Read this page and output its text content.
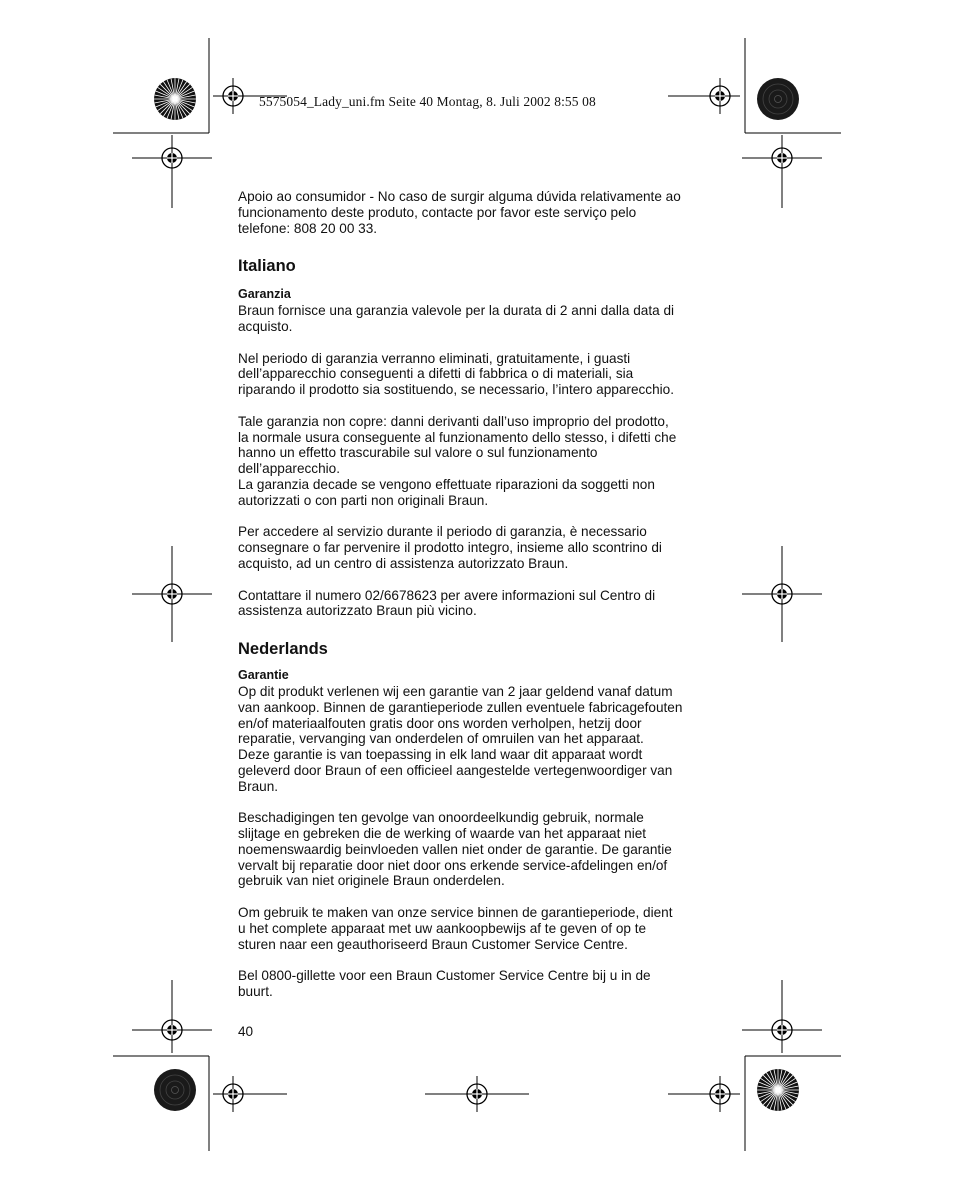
5575054_Lady_uni.fm Seite 40 Montag, 8. Juli 2002 8:55 08

Apoio ao consumidor - No caso de surgir alguma dúvida relativamente ao
funcionamento deste produto, contacte por favor este serviço pelo
telefone: 808 20 00 33.

Italiano
Garanzia

Braun fornisce una garanzia valevole per la durata di 2 anni dalla data di
acquisto.

Nel periodo di garanzia verranno eliminati, gratuitamente, i guasti
dell’apparecchio conseguenti a difetti di fabbrica o di materiali, sia
riparando il prodotto sia sostituendo, se necessario, l’intero apparecchio.

Tale garanzia non copre: danni derivanti dall’uso improprio del prodotto,
la normale usura conseguente al funzionamento dello stesso, i difetti che
hanno un effetto trascurabile sul valore o sul funzionamento
dell’apparecchio.
La garanzia decade se vengono effettuate riparazioni da soggetti non
autorizzati o con parti non originali Braun.

Per accedere al servizio durante il periodo di garanzia, è necessario
consegnare o far pervenire il prodotto integro, insieme allo scontrino di
acquisto, ad un centro di assistenza autorizzato Braun.

Contattare il numero 02/6678623 per avere informazioni sul Centro di
assistenza autorizzato Braun più vicino.

Nederlands
Garantie

Op dit produkt verlenen wij een garantie van 2 jaar geldend vanaf datum
van aankoop. Binnen de garantieperiode zullen eventuele fabricagefouten
en/of materiaalfouten gratis door ons worden verholpen, hetzij door
reparatie, vervanging van onderdelen of omruilen van het apparaat.
Deze garantie is van toepassing in elk land waar dit apparaat wordt
geleverd door Braun of een officieel aangestelde vertegenwoordiger van
Braun.

Beschadigingen ten gevolge van onoordeelkundig gebruik, normale
slijtage en gebreken die de werking of waarde van het apparaat niet
noemenswaardig beinvloeden vallen niet onder de garantie. De garantie
vervalt bij reparatie door niet door ons erkende service-afdelingen en/of
gebruik van niet originele Braun onderdelen.

Om gebruik te maken van onze service binnen de garantieperiode, dient
u het complete apparaat met uw aankoopbewijs af te geven of op te
sturen naar een geauthoriseerd Braun Customer Service Centre.

Bel 0800-gillette voor een Braun Customer Service Centre bij u in de
buurt.

40
